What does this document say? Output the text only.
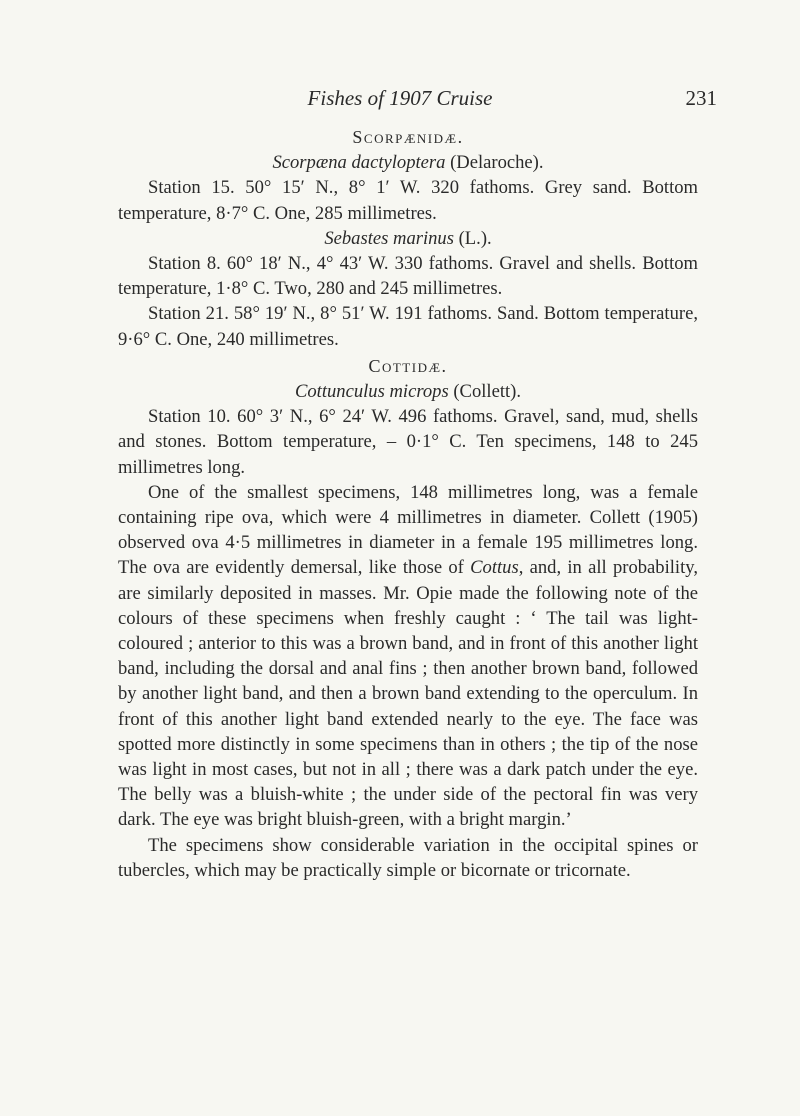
Fishes of 1907 Cruise	231

Scorpænidæ.

Scorpæna dactyloptera (Delaroche).

Station 15. 50° 15′ N., 8° 1′ W. 320 fathoms. Grey sand. Bottom temperature, 8·7° C. One, 285 millimetres.

Sebastes marinus (L.).

Station 8. 60° 18′ N., 4° 43′ W. 330 fathoms. Gravel and shells. Bottom temperature, 1·8° C. Two, 280 and 245 millimetres.

Station 21. 58° 19′ N., 8° 51′ W. 191 fathoms. Sand. Bottom temperature, 9·6° C. One, 240 millimetres.

Cottidæ.

Cottunculus microps (Collett).

Station 10. 60° 3′ N., 6° 24′ W. 496 fathoms. Gravel, sand, mud, shells and stones. Bottom temperature, – 0·1° C. Ten specimens, 148 to 245 millimetres long.

One of the smallest specimens, 148 millimetres long, was a female containing ripe ova, which were 4 millimetres in diameter. Collett (1905) observed ova 4·5 millimetres in diameter in a female 195 millimetres long. The ova are evidently demersal, like those of Cottus, and, in all probability, are similarly deposited in masses. Mr. Opie made the following note of the colours of these specimens when freshly caught : ‘ The tail was light-coloured ; anterior to this was a brown band, and in front of this another light band, including the dorsal and anal fins ; then another brown band, followed by another light band, and then a brown band extending to the operculum. In front of this another light band extended nearly to the eye. The face was spotted more distinctly in some specimens than in others ; the tip of the nose was light in most cases, but not in all ; there was a dark patch under the eye. The belly was a bluish-white ; the under side of the pectoral fin was very dark. The eye was bright bluish-green, with a bright margin.’

The specimens show considerable variation in the occipital spines or tubercles, which may be practically simple or bicornate or tricornate.
